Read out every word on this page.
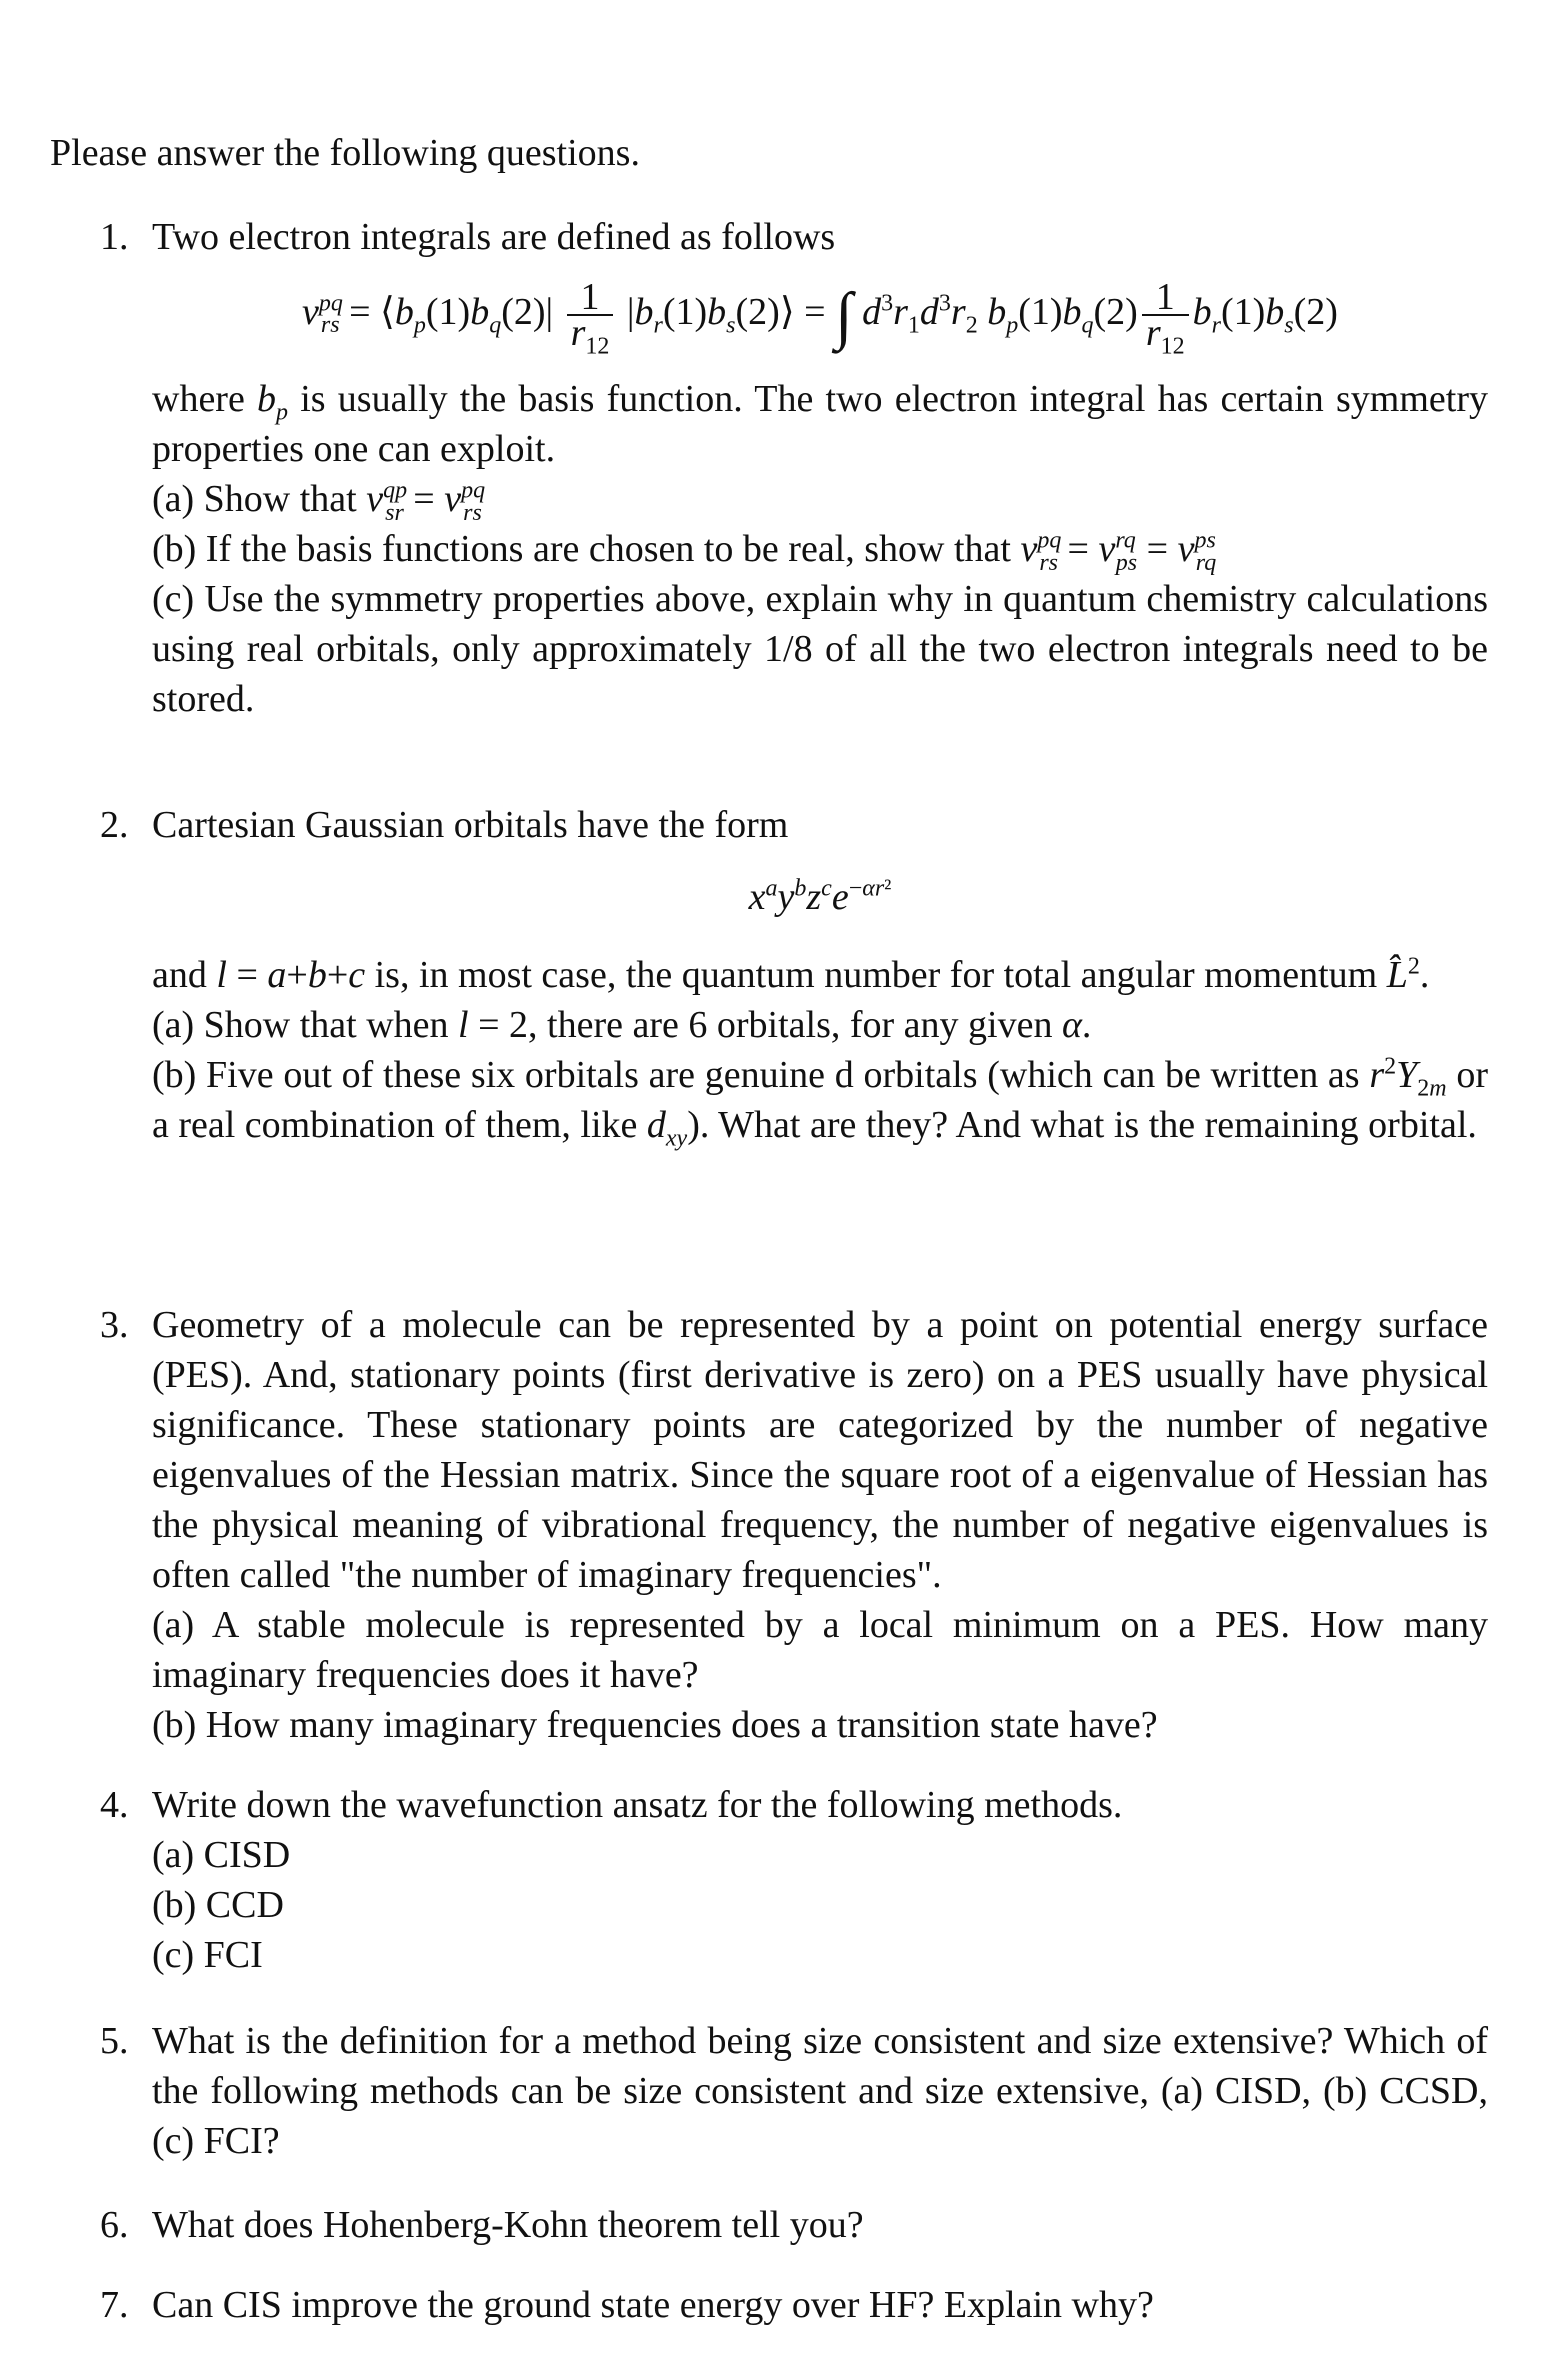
Please answer the following questions.
1. Two electron integrals are defined as follows
$v^{pq}_{rs}$ = $⟨b_p(1)b_q(2)| \frac{1}{r_{12}}$ $|b_r(1)b_s(2)⟩$ = ∫ $d^3r_1d^3r_2$ $b_p(1)b_q(2) \frac{1}{r_{12}} b_r(1)b_s(2)$
where $b_p$ is usually the basis function. The two electron integral has certain symmetry properties one can exploit.
(a) Show that $v^{qp}_{sr} = v^{pq}_{rs}$
(b) If the basis functions are chosen to be real, show that $v^{pq}_{rs} = v^{rq}_{ps} = v^{ps}_{rq}$
(c) Use the symmetry properties above, explain why in quantum chemistry calculations using real orbitals, only approximately 1/8 of all the two electron integrals need to be stored.
2. Cartesian Gaussian orbitals have the form
$x^ay^bz^ce^{-\alpha r^2}$
and l = a+b+c is, in most case, the quantum number for total angular momentum L̂$^2$.
(a) Show that when l = 2, there are 6 orbitals, for any given α.
(b) Five out of these six orbitals are genuine d orbitals (which can be written as $r^2Y_{2m}$ or a real combination of them, like $d_{xy}$). What are they? And what is the remaining orbital.
3. Geometry of a molecule can be represented by a point on potential energy surface (PES). And, stationary points (first derivative is zero) on a PES usually have physical significance. These stationary points are categorized by the number of negative eigenvalues of the Hessian matrix. Since the square root of a eigenvalue of Hessian has the physical meaning of vibrational frequency, the number of negative eigenvalues is often called "the number of imaginary frequencies".
(a) A stable molecule is represented by a local minimum on a PES. How many imaginary frequencies does it have?
(b) How many imaginary frequencies does a transition state have?
4. Write down the wavefunction ansatz for the following methods.
(a) CISD
(b) CCD
(c) FCI
5. What is the definition for a method being size consistent and size extensive? Which of the following methods can be size consistent and size extensive, (a) CISD, (b) CCSD, (c) FCI?
6. What does Hohenberg-Kohn theorem tell you?
7. Can CIS improve the ground state energy over HF? Explain why?
